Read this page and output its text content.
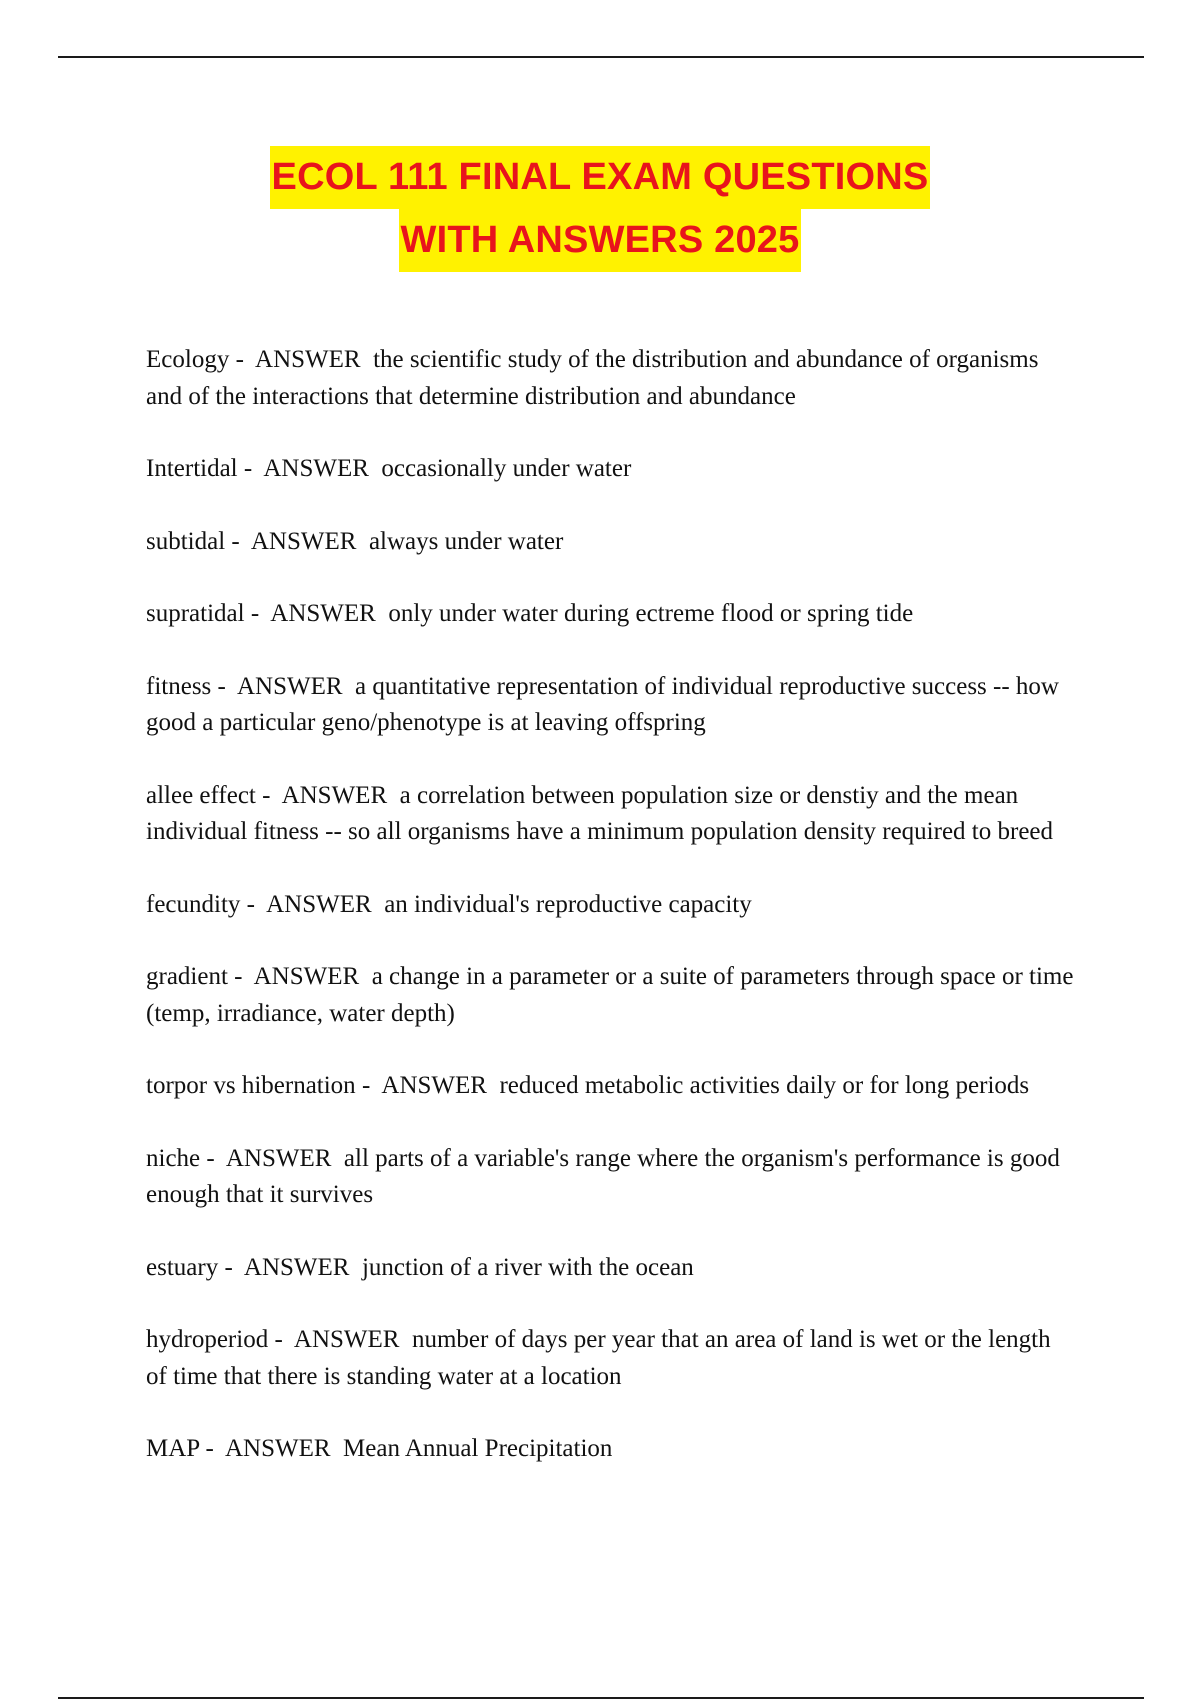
ECOL 111 FINAL EXAM QUESTIONS
WITH ANSWERS 2025
Ecology -  ANSWER the scientific study of the distribution and abundance of organisms and of the interactions that determine distribution and abundance
Intertidal -  ANSWER occasionally under water
subtidal -  ANSWER always under water
supratidal -  ANSWER only under water during ectreme flood or spring tide
fitness -  ANSWER a quantitative representation of individual reproductive success -- how good a particular geno/phenotype is at leaving offspring
allee effect -  ANSWER a correlation between population size or denstiy and the mean individual fitness -- so all organisms have a minimum population density required to breed
fecundity -  ANSWER an individual's reproductive capacity
gradient -  ANSWER a change in a parameter or a suite of parameters through space or time (temp, irradiance, water depth)
torpor vs hibernation -  ANSWER reduced metabolic activities daily or for long periods
niche -  ANSWER all parts of a variable's range where the organism's performance is good enough that it survives
estuary -  ANSWER junction of a river with the ocean
hydroperiod -  ANSWER number of days per year that an area of land is wet or the length of time that there is standing water at a location
MAP -  ANSWER Mean Annual Precipitation
